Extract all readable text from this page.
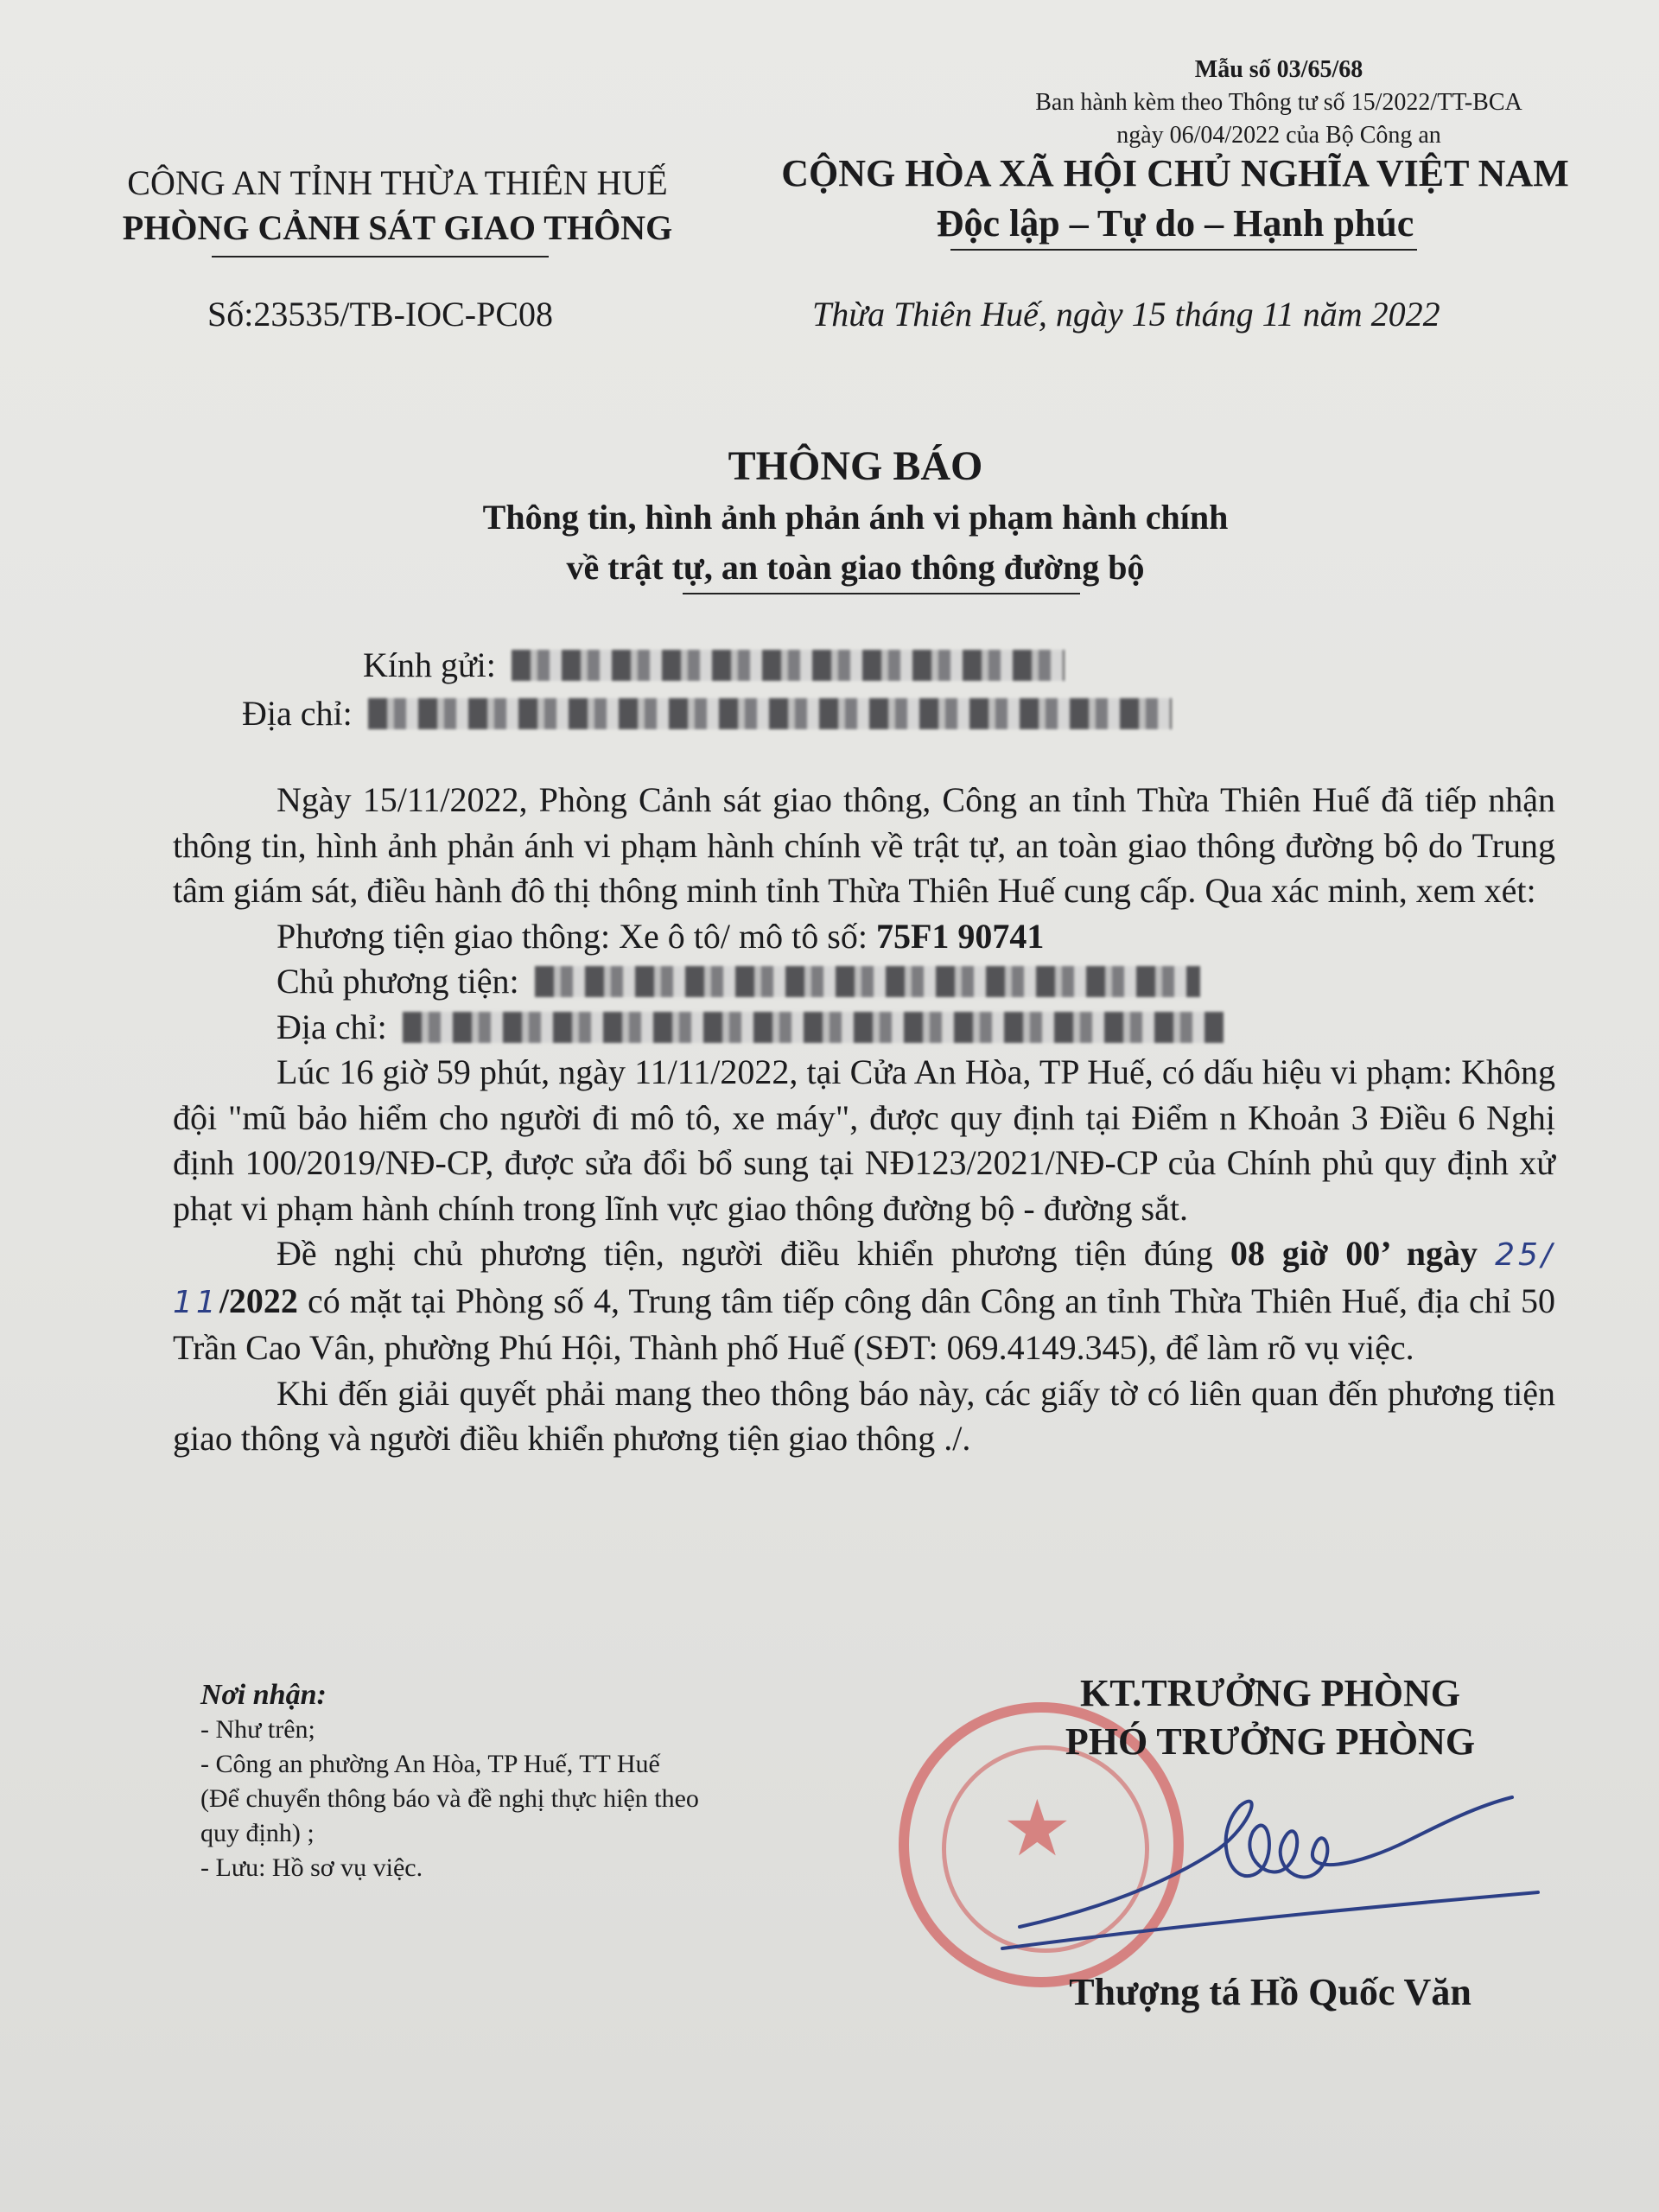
Mẫu số 03/65/68
Ban hành kèm theo Thông tư số 15/2022/TT-BCA
ngày 06/04/2022 của Bộ Công an
CÔNG AN TỈNH THỪA THIÊN HUẾ
PHÒNG CẢNH SÁT GIAO THÔNG
CỘNG HÒA XÃ HỘI CHỦ NGHĨA VIỆT NAM
Độc lập – Tự do – Hạnh phúc
Số:23535/TB-IOC-PC08	Thừa Thiên Huế, ngày 15 tháng 11 năm 2022
THÔNG BÁO
Thông tin, hình ảnh phản ánh vi phạm hành chính
về trật tự, an toàn giao thông đường bộ
Kính gửi:
Địa chỉ:

Ngày 15/11/2022, Phòng Cảnh sát giao thông, Công an tỉnh Thừa Thiên Huế đã tiếp nhận thông tin, hình ảnh phản ánh vi phạm hành chính về trật tự, an toàn giao thông đường bộ do Trung tâm giám sát, điều hành đô thị thông minh tỉnh Thừa Thiên Huế cung cấp. Qua xác minh, xem xét:

Phương tiện giao thông: Xe ô tô/ mô tô số: 75F1 90741

Chủ phương tiện:

Địa chỉ:

Lúc 16 giờ 59 phút, ngày 11/11/2022, tại Cửa An Hòa, TP Huế, có dấu hiệu vi phạm: Không đội "mũ bảo hiểm cho người đi mô tô, xe máy", được quy định tại Điểm n Khoản 3 Điều 6 Nghị định 100/2019/NĐ-CP, được sửa đổi bổ sung tại NĐ123/2021/NĐ-CP của Chính phủ quy định xử phạt vi phạm hành chính trong lĩnh vực giao thông đường bộ - đường sắt.

Đề nghị chủ phương tiện, người điều khiển phương tiện đúng 08 giờ 00’ ngày 25/ 11/2022 có mặt tại Phòng số 4, Trung tâm tiếp công dân Công an tỉnh Thừa Thiên Huế, địa chỉ 50 Trần Cao Vân, phường Phú Hội, Thành phố Huế (SĐT: 069.4149.345), để làm rõ vụ việc.

Khi đến giải quyết phải mang theo thông báo này, các giấy tờ có liên quan đến phương tiện giao thông và người điều khiển phương tiện giao thông ./.

Nơi nhận:
- Như trên;
- Công an phường An Hòa, TP Huế, TT Huế
(Để chuyển thông báo và đề nghị thực hiện theo
quy định) ;
- Lưu: Hồ sơ vụ việc.	★
KT.TRƯỞNG PHÒNG
PHÓ TRƯỞNG PHÒNG
Thượng tá Hồ Quốc Văn
